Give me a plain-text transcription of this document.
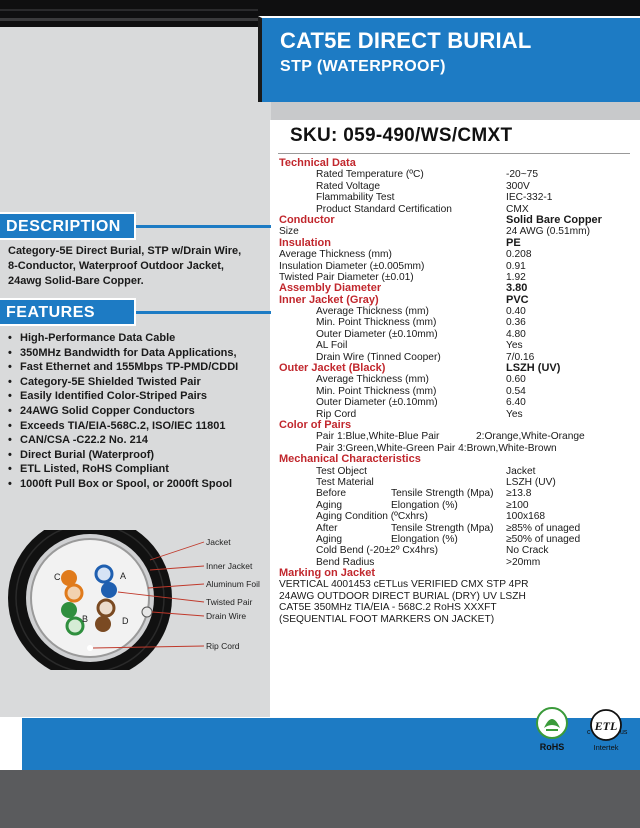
CAT5E DIRECT BURIAL
STP (WATERPROOF)
SKU: 059-490/WS/CMXT
DESCRIPTION
Category-5E Direct Burial, STP w/Drain Wire,
8-Conductor, Waterproof Outdoor Jacket,
24awg Solid-Bare Copper.
FEATURES
• High-Performance Data Cable
• 350MHz Bandwidth for Data Applications,
• Fast Ethernet and 155Mbps TP-PMD/CDDI
• Category-5E Shielded Twisted Pair
• Easily Identified Color-Striped Pairs
• 24AWG Solid Copper Conductors
• Exceeds TIA/EIA-568C.2, ISO/IEC 11801
• CAN/CSA -C22.2 No. 214
• Direct Burial (Waterproof)
• ETL Listed, RoHS Compliant
• 1000ft Pull Box or Spool, or 2000ft Spool
C	A
B	D
Jacket
Inner Jacket
Aluminum Foil
Twisted Pair
Drain Wire
Rip Cord
Technical Data
Rated Temperature (ºC)	-20~75
Rated Voltage	300V
Flammability Test	IEC-332-1
Product Standard Certification	CMX
Conductor	Solid Bare Copper
Size	24 AWG (0.51mm)
Insulation	PE
Average Thickness (mm)	0.208
Insulation Diameter (±0.005mm)	0.91
Twisted Pair Diameter (±0.01)	1.92
Assembly Diameter	3.80
Inner Jacket (Gray)	PVC
Average Thickness (mm)	0.40
Min. Point Thickness (mm)	0.36
Outer Diameter (±0.10mm)	4.80
AL Foil	Yes
Drain Wire (Tinned Cooper)	7/0.16
Outer Jacket (Black)	LSZH (UV)
Average Thickness (mm)	0.60
Min. Point Thickness (mm)	0.54
Outer Diameter (±0.10mm)	6.40
Rip Cord	Yes
Color of Pairs
Pair 1:Blue,White-Blue Pair	2:Orange,White-Orange
Pair 3:Green,White-Green Pair 4:Brown,White-Brown
Mechanical Characteristics
Test Object	Jacket
Test Material	LSZH (UV)
Before	Tensile Strength (Mpa) ≥13.8
Aging	Elongation (%)	≥100
Aging Condition (ºCxhrs)	100x168
After	Tensile Strength (Mpa) ≥85% of unaged
Aging	Elongation (%)	≥50% of unaged
Cold Bend (-20±2º Cx4hrs)	No Crack
Bend Radius	>20mm
Marking on Jacket
VERTICAL 4001453 cETLus VERIFIED CMX STP 4PR
24AWG OUTDOOR DIRECT BURIAL (DRY) UV LSZH
CAT5E 350MHz TIA/EIA - 568C.2 RoHS XXXFT
(SEQUENTIAL FOOT MARKERS ON JACKET)
RoHS
ETL
c	us
Intertek
